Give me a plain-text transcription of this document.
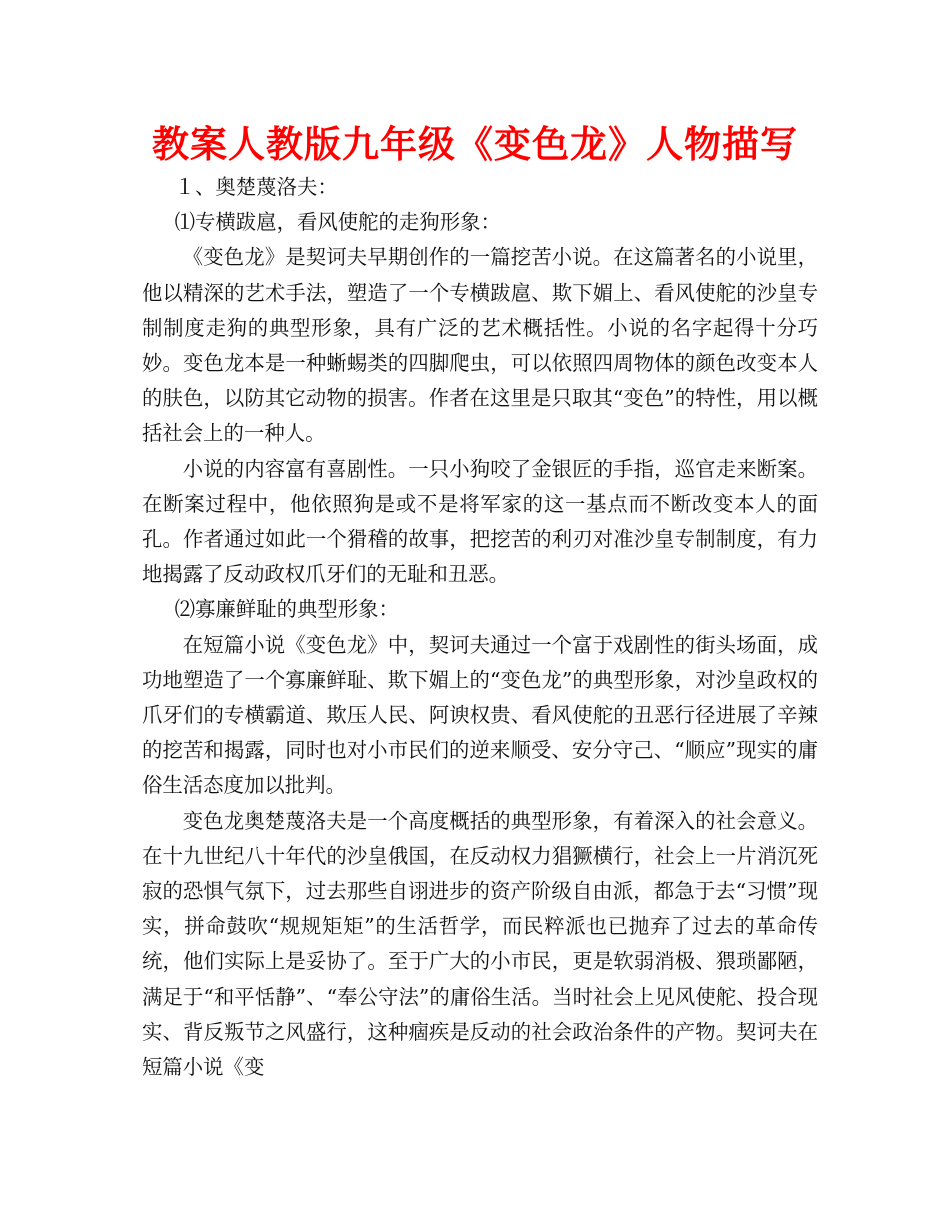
教案人教版九年级《变色龙》人物描写

１、奥楚蔑洛夫：

⑴专横跋扈，看风使舵的走狗形象：

《变色龙》是契诃夫早期创作的一篇挖苦小说。在这篇著名的小说里，他以精深的艺术手法，塑造了一个专横跋扈、欺下媚上、看风使舵的沙皇专制制度走狗的典型形象，具有广泛的艺术概括性。小说的名字起得十分巧妙。变色龙本是一种蜥蜴类的四脚爬虫，可以依照四周物体的颜色改变本人的肤色，以防其它动物的损害。作者在这里是只取其“变色”的特性，用以概括社会上的一种人。

小说的内容富有喜剧性。一只小狗咬了金银匠的手指，巡官走来断案。在断案过程中，他依照狗是或不是将军家的这一基点而不断改变本人的面孔。作者通过如此一个猾稽的故事，把挖苦的利刃对准沙皇专制制度，有力地揭露了反动政权爪牙们的无耻和丑恶。

⑵寡廉鲜耻的典型形象：

在短篇小说《变色龙》中，契诃夫通过一个富于戏剧性的街头场面，成功地塑造了一个寡廉鲜耻、欺下媚上的“变色龙”的典型形象，对沙皇政权的爪牙们的专横霸道、欺压人民、阿谀权贵、看风使舵的丑恶行径进展了辛辣的挖苦和揭露，同时也对小市民们的逆来顺受、安分守己、“顺应”现实的庸俗生活态度加以批判。

变色龙奥楚蔑洛夫是一个高度概括的典型形象，有着深入的社会意义。在十九世纪八十年代的沙皇俄国，在反动权力猖獗横行，社会上一片消沉死寂的恐惧气氛下，过去那些自诩进步的资产阶级自由派，都急于去“习惯”现实，拼命鼓吹“规规矩矩”的生活哲学，而民粹派也已抛弃了过去的革命传统，他们实际上是妥协了。至于广大的小市民，更是软弱消极、猥琐鄙陋，满足于“和平恬静”、“奉公守法”的庸俗生活。当时社会上见风使舵、投合现实、背反叛节之风盛行，这种痼疾是反动的社会政治条件的产物。契诃夫在短篇小说《变
